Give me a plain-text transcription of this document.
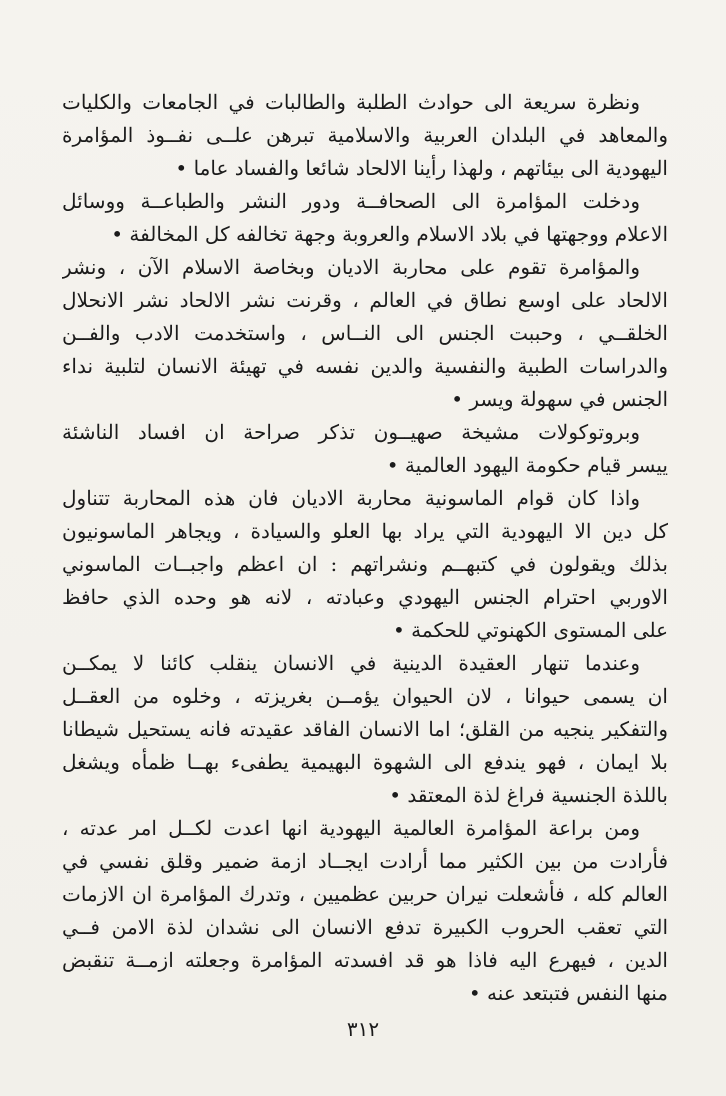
ونظرة سريعة الى حوادث الطلبة والطالبات في الجامعات والكليات
والمعاهد في البلدان العربية والاسلامية تبرهن علــى نفــوذ المؤامرة
اليهودية الى بيئاتهم ، ولهذا رأينا الالحاد شائعا والفساد عاما •
ودخلت المؤامرة الى الصحافــة ودور النشر والطباعــة ووسائل
الاعلام ووجهتها في بلاد الاسلام والعروبة وجهة تخالفه كل المخالفة •
والمؤامرة تقوم على محاربة الاديان وبخاصة الاسلام الآن ، ونشر
الالحاد على اوسع نطاق في العالم ، وقرنت نشر الالحاد نشر الانحلال
الخلقــي ، وحببت الجنس الى النــاس ، واستخدمت الادب والفــن
والدراسات الطبية والنفسية والدين نفسه في تهيئة الانسان لتلبية نداء
الجنس في سهولة ويسر •
وبروتوكولات مشيخة صهيــون تذكر صراحة ان افساد الناشئة
ييسر قيام حكومة اليهود العالمية •
واذا كان قوام الماسونية محاربة الاديان فان هذه المحاربة تتناول
كل دين الا اليهودية التي يراد بها العلو والسيادة ، ويجاهر الماسونيون
بذلك ويقولون في كتبهــم ونشراتهم : ان اعظم واجبــات الماسوني
الاوربي احترام الجنس اليهودي وعبادته ، لانه هو وحده الذي حافظ
على المستوى الكهنوتي للحكمة •
وعندما تنهار العقيدة الدينية في الانسان ينقلب كائنا لا يمكــن
ان يسمى حيوانا ، لان الحيوان يؤمــن بغريزته ، وخلوه من العقــل
والتفكير ينجيه من القلق؛ اما الانسان الفاقد عقيدته فانه يستحيل شيطانا
بلا ايمان ، فهو يندفع الى الشهوة البهيمية يطفىء بهــا ظمأه ويشغل
باللذة الجنسية فراغ لذة المعتقد •
ومن براعة المؤامرة العالمية اليهودية انها اعدت لكــل امر عدته ،
فأرادت من بين الكثير مما أرادت ايجــاد ازمة ضمير وقلق نفسي في
العالم كله ، فأشعلت نيران حربين عظميين ، وتدرك المؤامرة ان الازمات
التي تعقب الحروب الكبيرة تدفع الانسان الى نشدان لذة الامن فــي
الدين ، فيهرع اليه فاذا هو قد افسدته المؤامرة وجعلته ازمــة تنقبض
منها النفس فتبتعد عنه •
٣١٢
